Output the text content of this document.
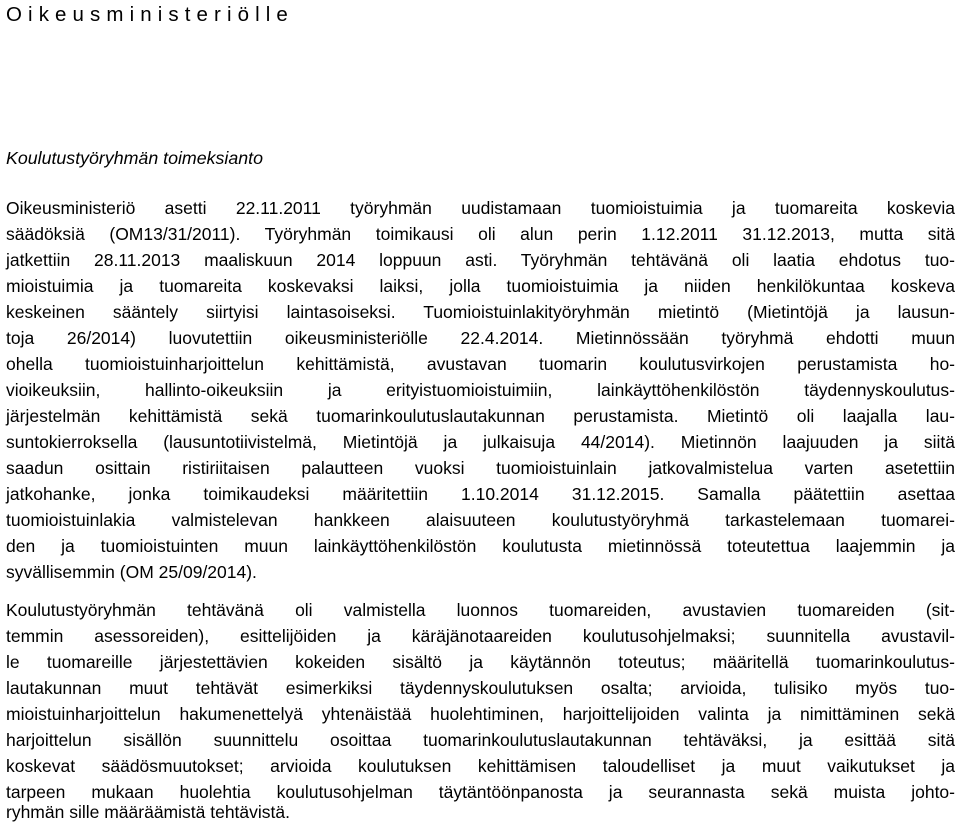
Oikeusministeriölle
Koulutustyöryhmän toimeksianto
Oikeusministeriö asetti 22.11.2011 työryhmän uudistamaan tuomioistuimia ja tuomareita koskevia
säädöksiä (OM13/31/2011). Työryhmän toimikausi oli alun perin 1.12.2011 31.12.2013, mutta sitä
jatkettiin 28.11.2013 maaliskuun 2014 loppuun asti. Työryhmän tehtävänä oli laatia ehdotus tuo-
mioistuimia ja tuomareita koskevaksi laiksi, jolla tuomioistuimia ja niiden henkilökuntaa koskeva
keskeinen sääntely siirtyisi laintasoiseksi. Tuomioistuinlakityöryhmän mietintö (Mietintöjä ja lausun-
toja 26/2014) luovutettiin oikeusministeriölle 22.4.2014. Mietinnössään työryhmä ehdotti muun
ohella tuomioistuinharjoittelun kehittämistä, avustavan tuomarin koulutusvirkojen perustamista ho-
vioikeuksiin, hallinto-oikeuksiin ja erityistuomioistuimiin, lainkäyttöhenkilöstön täydennyskoulutus-
järjestelmän kehittämistä sekä tuomarinkoulutuslautakunnan perustamista. Mietintö oli laajalla lau-
suntokierroksella (lausuntotiivistelmä, Mietintöjä ja julkaisuja 44/2014). Mietinnön laajuuden ja siitä
saadun osittain ristiriitaisen palautteen vuoksi tuomioistuinlain jatkovalmistelua varten asetettiin
jatkohanke, jonka toimikaudeksi määritettiin 1.10.2014 31.12.2015. Samalla päätettiin asettaa
tuomioistuinlakia valmistelevan hankkeen alaisuuteen koulutustyöryhmä tarkastelemaan tuomarei-
den ja tuomioistuinten muun lainkäyttöhenkilöstön koulutusta mietinnössä toteutettua laajemmin ja
syvällisemmin (OM 25/09/2014).
Koulutustyöryhmän tehtävänä oli valmistella luonnos tuomareiden, avustavien tuomareiden (sit-
temmin asessoreiden), esittelijöiden ja käräjänotaareiden koulutusohjelmaksi; suunnitella avustavil-
le tuomareille järjestettävien kokeiden sisältö ja käytännön toteutus; määritellä tuomarinkoulutus-
lautakunnan muut tehtävät esimerkiksi täydennyskoulutuksen osalta; arvioida, tulisiko myös tuo-
mioistuinharjoittelun hakumenettelyä yhtenäistää huolehtiminen, harjoittelijoiden valinta ja nimittäminen sekä
harjoittelun sisällön suunnittelu osoittaa tuomarinkoulutuslautakunnan tehtäväksi, ja esittää sitä
koskevat säädösmuutokset; arvioida koulutuksen kehittämisen taloudelliset ja muut vaikutukset ja
tarpeen mukaan huolehtia koulutusohjelman täytäntöönpanosta ja seurannasta sekä muista johto-
ryhmän sille määräämistä tehtävistä.
